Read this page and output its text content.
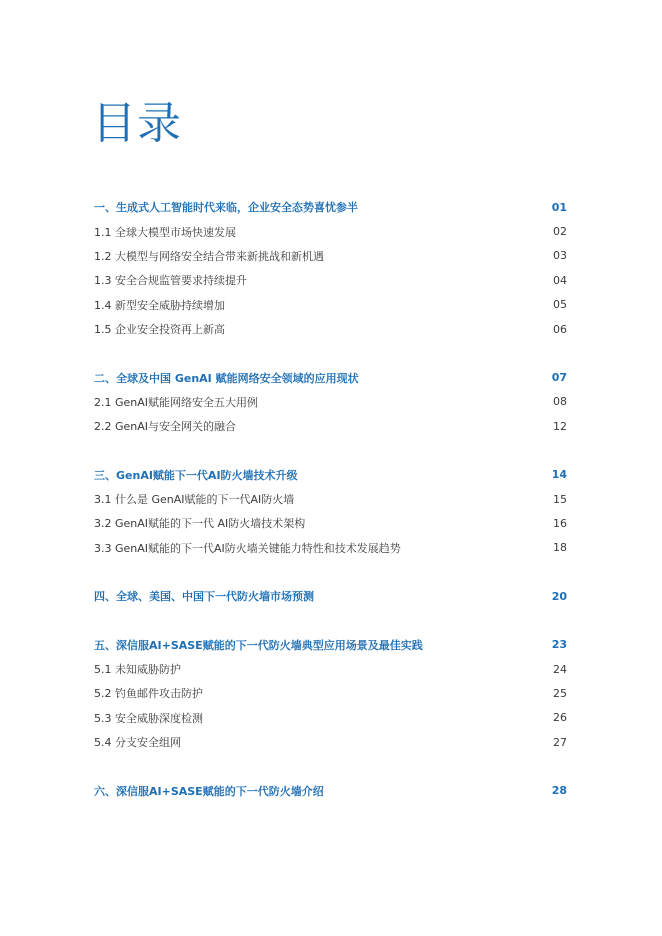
目录
一、生成式人工智能时代来临，企业安全态势喜忧参半	01
1.1 全球大模型市场快速发展	02
1.2 大模型与网络安全结合带来新挑战和新机遇	03
1.3 安全合规监管要求持续提升	04
1.4 新型安全威胁持续增加	05
1.5 企业安全投资再上新高	06
二、全球及中国 GenAI 赋能网络安全领域的应用现状	07
2.1 GenAI赋能网络安全五大用例	08
2.2 GenAI与安全网关的融合	12
三、GenAI赋能下一代AI防火墙技术升级	14
3.1 什么是 GenAI赋能的下一代AI防火墙	15
3.2 GenAI赋能的下一代 AI防火墙技术架构	16
3.3 GenAI赋能的下一代AI防火墙关键能力特性和技术发展趋势	18
四、全球、美国、中国下一代防火墙市场预测	20
五、深信服AI+SASE赋能的下一代防火墙典型应用场景及最佳实践	23
5.1 未知威胁防护	24
5.2 钓鱼邮件攻击防护	25
5.3 安全威胁深度检测	26
5.4 分支安全组网	27
六、深信服AI+SASE赋能的下一代防火墙介绍	28
